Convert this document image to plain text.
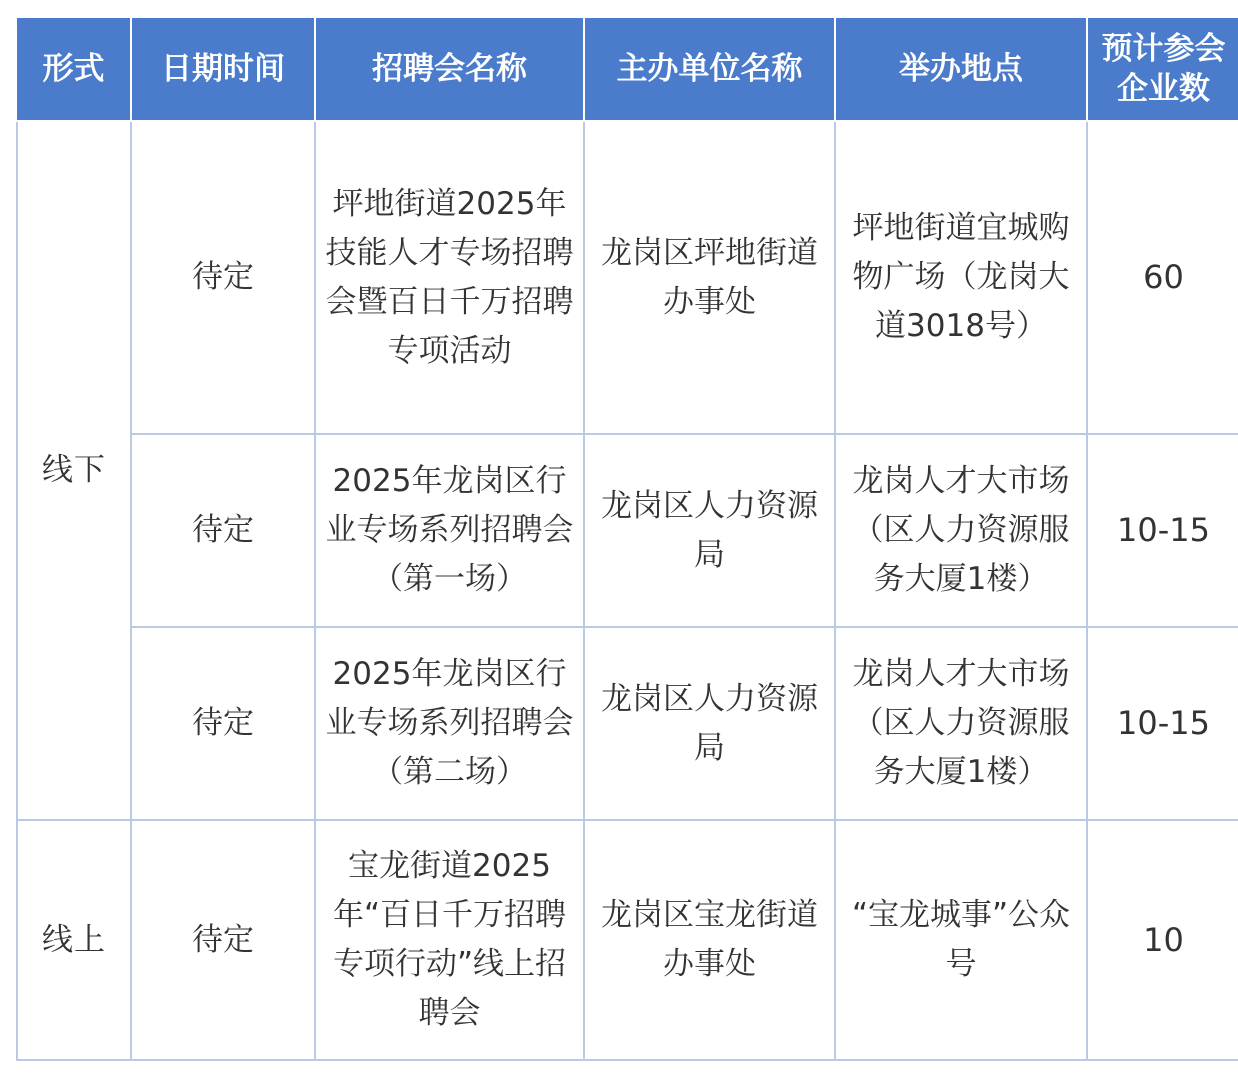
形式	日期时间	招聘会名称	主办单位名称	举办地点	预计参会企业数
线下	待定	坪地街道2025年技能人才专场招聘会暨百日千万招聘专项活动	龙岗区坪地街道办事处	坪地街道宜城购物广场（龙岗大道3018号）	60
	待定	2025年龙岗区行业专场系列招聘会（第一场）	龙岗区人力资源局	龙岗人才大市场（区人力资源服务大厦1楼）	10-15
	待定	2025年龙岗区行业专场系列招聘会（第二场）	龙岗区人力资源局	龙岗人才大市场（区人力资源服务大厦1楼）	10-15
线上	待定	宝龙街道2025年“百日千万招聘专项行动”线上招聘会	龙岗区宝龙街道办事处	“宝龙城事”公众号	10
